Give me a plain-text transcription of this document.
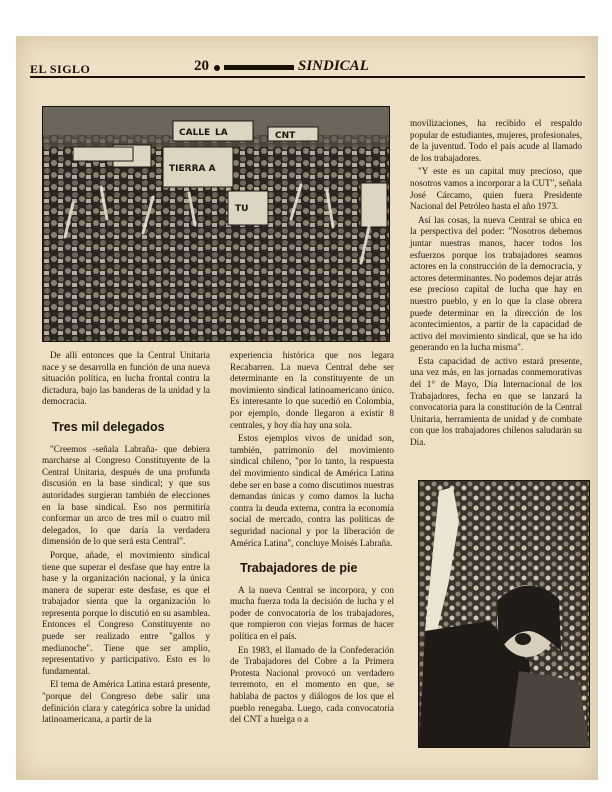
EL SIGLO	20	SINDICAL
CALLE LA
TIERRA A
TU
CNT

De allí entonces que la Central Unitaria nace y se desarrolla en función de una nueva situación política, en lucha frontal contra la dictadura, bajo las banderas de la unidad y la democracia.

Tres mil delegados

"Creemos -señala Labraña- que debiera marcharse al Congreso Constituyente de la Central Unitaria, después de una profunda discusión en la base sindical; y que sus autoridades surgieran también de elecciones en la base sindical. Eso nos permitiría conformar un arco de tres mil o cuatro mil delegados, lo que daría la verdadera dimensión de lo que será esta Central".

Porque, añade, el movimiento sindical tiene que superar el desfase que hay entre la base y la organización nacional, y la única manera de superar este desfase, es que el trabajador sienta que la organización lo representa porque lo discutió en su asamblea. Entonces el Congreso Constituyente no puede ser realizado entre "gallos y medianoche". Tiene que ser amplio, representativo y participativo. Esto es lo fundamental.

El tema de América Latina estará presente, "porque del Congreso debe salir una definición clara y categórica sobre la unidad latinoamericana, a partir de la

experiencia histórica que nos legara Recabarren. La nueva Central debe ser determinante en la constituyente de un movimiento sindical latinoamericano único. Es interesante lo que sucedió en Colombia, por ejemplo, donde llegaron a existir 8 centrales, y hoy día hay una sola.

Estos ejemplos vivos de unidad son, también, patrimonio del movimiento sindical chileno, "por lo tanto, la respuesta del movimiento sindical de América Latina debe ser en base a como discutimos nuestras demandas únicas y como damos la lucha contra la deuda externa, contra la economía social de mercado, contra las políticas de seguridad nacional y por la liberación de América Latina", concluye Moisés Labraña.

Trabajadores de pie

A la nueva Central se incorpora, y con mucha fuerza toda la decisión de lucha y el poder de convocatoria de los trabajadores, que rompieron con viejas formas de hacer política en el país.

En 1983, el llamado de la Confederación de Trabajadores del Cobre a la Primera Protesta Nacional provocó un verdadero terremoto, en el momento en que, se hablaba de pactos y diálogos de los que el pueblo renegaba. Luego, cada convocatoria del CNT a huelga o a

movilizaciones, ha recibido el respaldo popular de estudiantes, mujeres, profesionales, de la juventud. Todo el país acude al llamado de los trabajadores.

"Y este es un capital muy precioso, que nosotros vamos a incorporar a la CUT", señala José Cárcamo, quien fuera Presidente Nacional del Petróleo hasta el año 1973.

Así las cosas, la nueva Central se ubica en la perspectiva del poder: "Nosotros debemos juntar nuestras manos, hacer todos los esfuerzos porque los trabajadores seamos actores en la construcción de la democracia, y actores determinantes. No podemos dejar atrás ese precioso capital de lucha que hay en nuestro pueblo, y en lo que la clase obrera puede determinar en la dirección de los acontecimientos, a partir de la capacidad de activo del movimiento sindical, que se ha ido generando en la lucha misma".

Esta capacidad de activo estará presente, una vez más, en las jornadas conmemorativas del 1° de Mayo, Día Internacional de los Trabajadores, fecha en que se lanzará la convocatoria para la constitución de la Central Unitaria, herramienta de unidad y de combate con que los trabajadores chilenos saludarán su Día.
